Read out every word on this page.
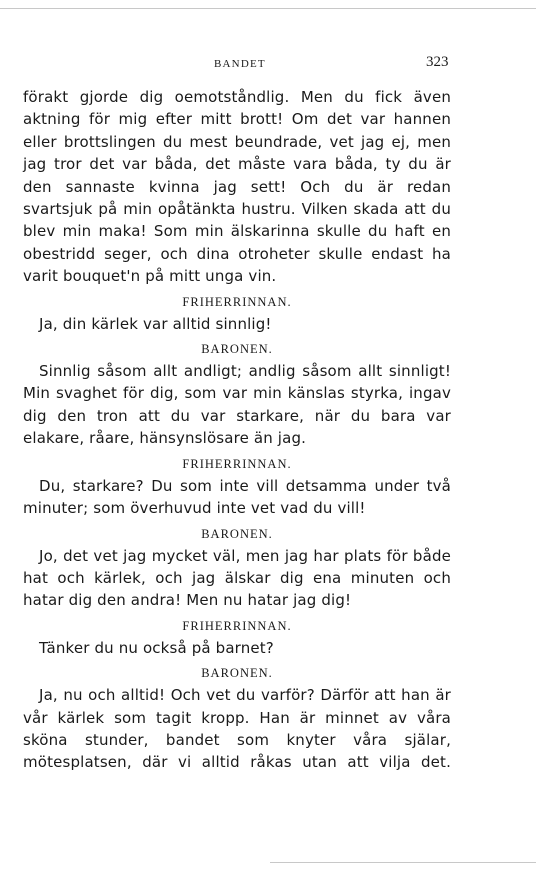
BANDET	323

förakt gjorde dig oemotståndlig. Men du fick även aktning för mig efter mitt brott! Om det var hannen eller brottslingen du mest beundrade, vet jag ej, men jag tror det var båda, det måste vara båda, ty du är den sannaste kvinna jag sett! Och du är redan svartsjuk på min opåtänkta hustru. Vilken skada att du blev min maka! Som min älskarinna skulle du haft en obestridd seger, och dina otroheter skulle endast ha varit bouquet'n på mitt unga vin.

FRIHERRINNAN.

Ja, din kärlek var alltid sinnlig!

BARONEN.

Sinnlig såsom allt andligt; andlig såsom allt sinnligt! Min svaghet för dig, som var min känslas styrka, ingav dig den tron att du var starkare, när du bara var elakare, råare, hänsynslösare än jag.

FRIHERRINNAN.

Du, starkare? Du som inte vill detsamma under två minuter; som överhuvud inte vet vad du vill!

BARONEN.

Jo, det vet jag mycket väl, men jag har plats för både hat och kärlek, och jag älskar dig ena minuten och hatar dig den andra! Men nu hatar jag dig!

FRIHERRINNAN.

Tänker du nu också på barnet?

BARONEN.

Ja, nu och alltid! Och vet du varför? Därför att han är vår kärlek som tagit kropp. Han är minnet av våra sköna stunder, bandet som knyter våra själar, mötesplatsen, där vi alltid råkas utan att vilja det.
